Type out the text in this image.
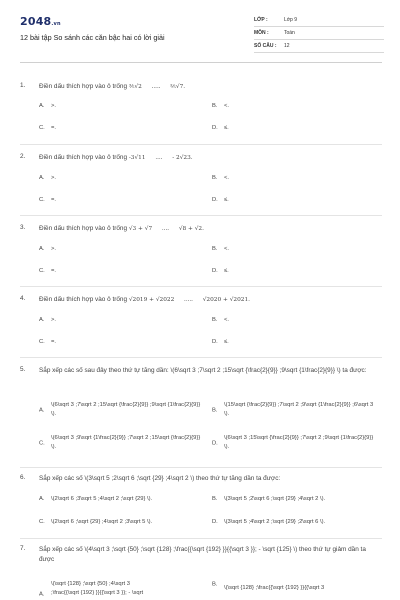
2048.vn
12 bài tập So sánh các căn bậc hai có lời giải
LỚP :	Lớp 9
MÔN :	Toán
SỐ CÂU : 12
1. Điền dấu thích hợp vào ô trống ⅗√2 ..... ⅖√7.
A. >.	B. <.
C. =.	D. ≤.
2. Điền dấu thích hợp vào ô trống -3√11 .... - 2√23.
A. >.	B. <.
C. =.	D. ≤.
3. Điền dấu thích hợp vào ô trống √3 + √7 .... √8 + √2.
A. >.	B. <.
C. =.	D. ≤.
4. Điền dấu thích hợp vào ô trống √2019 + √2022 ..... √2020 + √2021.
A. >.	B. <.
C. =.	D. ≤.
5. Sắp xếp các số sau đây theo thứ tự tăng dần: \(6\sqrt 3 ;7\sqrt 2 ;15\sqrt {\frac{2}{9}} ;9\sqrt {1\frac{2}{9}} \) ta được:
A.
\(6\sqrt 3 ;7\sqrt 2 ;15\sqrt {\frac{2}{9}} ;9\sqrt {1\frac{2}{9}} \).
B.
\(15\sqrt {\frac{2}{9}} ;7\sqrt 2 ;9\sqrt {1\frac{2}{9}} ;6\sqrt 3 \).
C.
\(6\sqrt 3 ;9\sqrt {1\frac{2}{9}} ;7\sqrt 2 ;15\sqrt {\frac{2}{9}} \).
D.
\(6\sqrt 3 ;15\sqrt {\frac{2}{9}} ;7\sqrt 2 ;9\sqrt {1\frac{2}{9}} \).
6. Sắp xếp các số \(3\sqrt 5 ;2\sqrt 6 ;\sqrt {29} ;4\sqrt 2 \) theo thứ tự tăng dần ta được:
A. \(2\sqrt 6 ;3\sqrt 5 ;4\sqrt 2 ;\sqrt {29} \).	B. \(3\sqrt 5 ;2\sqrt 6 ;\sqrt {29} ;4\sqrt 2 \).
C. \(2\sqrt 6 ;\sqrt {29} ;4\sqrt 2 ;3\sqrt 5 \).	D. \(3\sqrt 5 ;4\sqrt 2 ;\sqrt {29} ;2\sqrt 6 \).
7. Sắp xếp các số \(4\sqrt 3 ;\sqrt {50} ;\sqrt {128} ;\frac{{\sqrt {192} }}{{\sqrt 3 }}; - \sqrt {125} \) theo thứ tự giảm dần ta được
A.
\(\sqrt {128} ;\sqrt {50} ;4\sqrt 3
;\frac{{\sqrt {192} }}{{\sqrt 3 }}; - \sqrt
B.
\(\sqrt {128} ;\frac{{\sqrt {192} }}{{\sqrt 3
